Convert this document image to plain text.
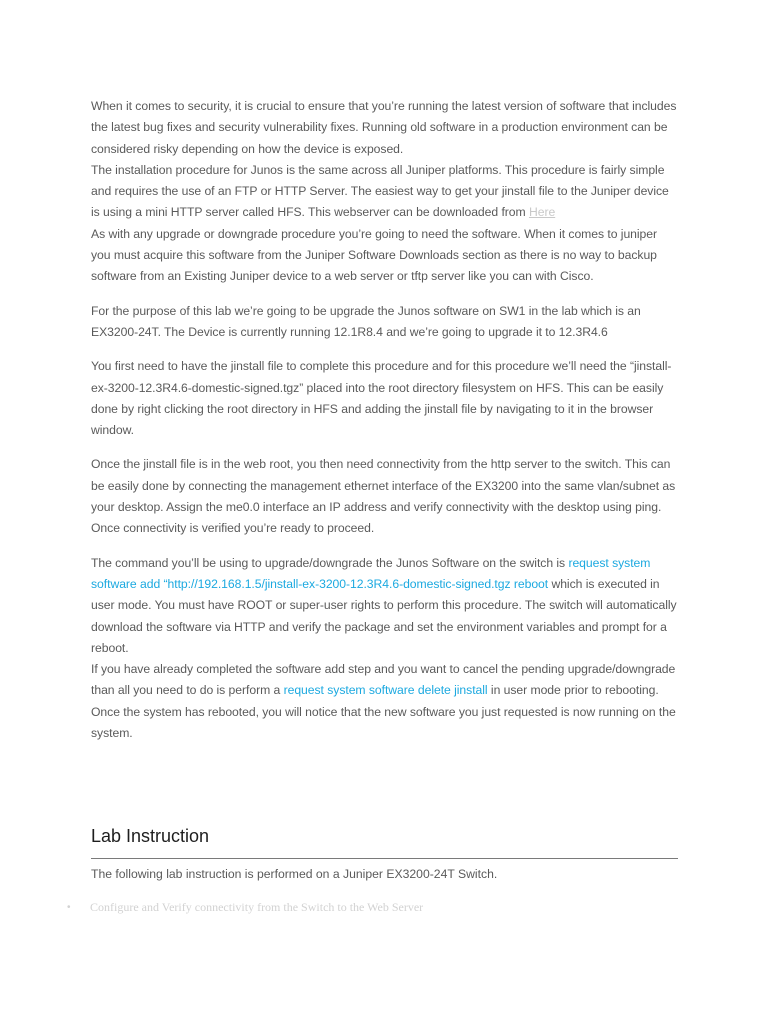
When it comes to security, it is crucial to ensure that you’re running the latest version of software that includes the latest bug fixes and security vulnerability fixes. Running old software in a production environment can be considered risky depending on how the device is exposed.
The installation procedure for Junos is the same across all Juniper platforms. This procedure is fairly simple and requires the use of an FTP or HTTP Server. The easiest way to get your jinstall file to the Juniper device is using a mini HTTP server called HFS. This webserver can be downloaded from Here
As with any upgrade or downgrade procedure you’re going to need the software. When it comes to juniper you must acquire this software from the Juniper Software Downloads section as there is no way to backup software from an Existing Juniper device to a web server or tftp server like you can with Cisco.

For the purpose of this lab we’re going to be upgrade the Junos software on SW1 in the lab which is an EX3200-24T. The Device is currently running 12.1R8.4 and we’re going to upgrade it to 12.3R4.6

You first need to have the jinstall file to complete this procedure and for this procedure we’ll need the “jinstall-ex-3200-12.3R4.6-domestic-signed.tgz” placed into the root directory filesystem on HFS. This can be easily done by right clicking the root directory in HFS and adding the jinstall file by navigating to it in the browser window.

Once the jinstall file is in the web root, you then need connectivity from the http server to the switch. This can be easily done by connecting the management ethernet interface of the EX3200 into the same vlan/subnet as your desktop. Assign the me0.0 interface an IP address and verify connectivity with the desktop using ping. Once connectivity is verified you’re ready to proceed.

The command you’ll be using to upgrade/downgrade the Junos Software on the switch is request system software add “http://192.168.1.5/jinstall-ex-3200-12.3R4.6-domestic-signed.tgz reboot which is executed in user mode. You must have ROOT or super-user rights to perform this procedure. The switch will automatically download the software via HTTP and verify the package and set the environment variables and prompt for a reboot.
If you have already completed the software add step and you want to cancel the pending upgrade/downgrade than all you need to do is perform a request system software delete jinstall in user mode prior to rebooting.
Once the system has rebooted, you will notice that the new software you just requested is now running on the system.

Lab Instruction

The following lab instruction is performed on a Juniper EX3200-24T Switch.

• Configure and Verify connectivity from the Switch to the Web Server
